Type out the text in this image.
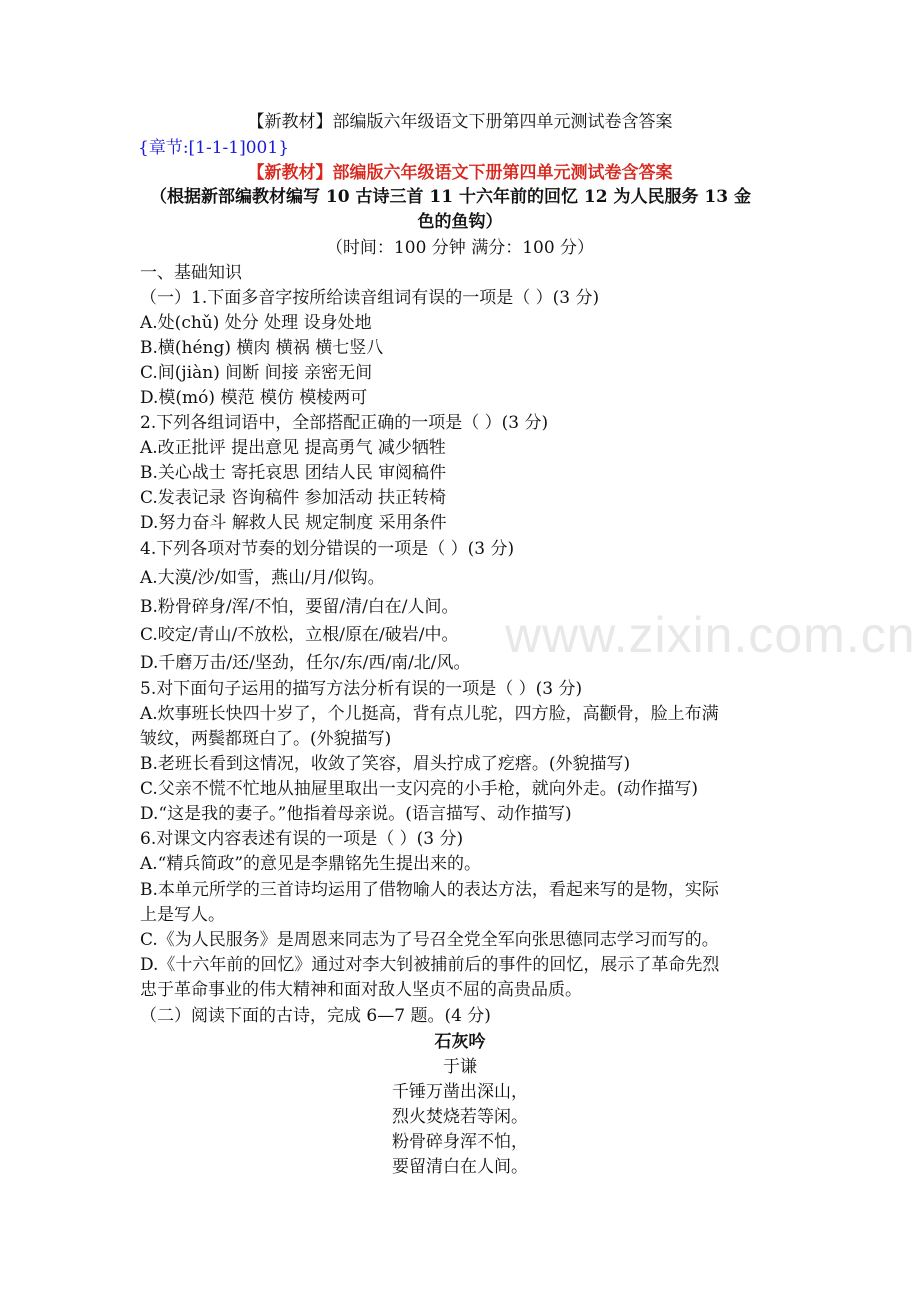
【新教材】部编版六年级语文下册第四单元测试卷含答案
{章节:[1-1-1]001}
【新教材】部编版六年级语文下册第四单元测试卷含答案
（根据新部编教材编写 10 古诗三首 11 十六年前的回忆 12 为人民服务 13 金
色的鱼钩）
（时间：100 分钟 满分：100 分）
一、基础知识
（一）1.下面多音字按所给读音组词有误的一项是（ ）(3 分)
A.处(chǔ) 处分 处理 设身处地
B.横(héng) 横肉 横祸 横七竖八
C.间(jiàn) 间断 间接 亲密无间
D.模(mó) 模范 模仿 模棱两可
2.下列各组词语中，全部搭配正确的一项是（ ）(3 分)
A.改正批评 提出意见 提高勇气 减少牺牲
B.关心战士 寄托哀思 团结人民 审阅稿件
C.发表记录 咨询稿件 参加活动 扶正转椅
D.努力奋斗 解救人民 规定制度 采用条件
4.下列各项对节奏的划分错误的一项是（ ）(3 分)
A.大漠/沙/如雪，燕山/月/似钩。
B.粉骨碎身/浑/不怕，要留/清/白在/人间。
C.咬定/青山/不放松，立根/原在/破岩/中。
D.千磨万击/还/坚劲，任尔/东/西/南/北/风。
5.对下面句子运用的描写方法分析有误的一项是（ ）(3 分)
A.炊事班长快四十岁了，个儿挺高，背有点儿驼，四方脸，高颧骨，脸上布满
皱纹，两鬓都斑白了。(外貌描写)
B.老班长看到这情况，收敛了笑容，眉头拧成了疙瘩。(外貌描写)
C.父亲不慌不忙地从抽屉里取出一支闪亮的小手枪，就向外走。(动作描写)
D.“这是我的妻子。”他指着母亲说。(语言描写、动作描写)
6.对课文内容表述有误的一项是（ ）(3 分)
A.“精兵简政”的意见是李鼎铭先生提出来的。
B.本单元所学的三首诗均运用了借物喻人的表达方法，看起来写的是物，实际
上是写人。
C.《为人民服务》是周恩来同志为了号召全党全军向张思德同志学习而写的。
D.《十六年前的回忆》通过对李大钊被捕前后的事件的回忆，展示了革命先烈
忠于革命事业的伟大精神和面对敌人坚贞不屈的高贵品质。
（二）阅读下面的古诗，完成 6—7 题。(4 分)
石灰吟
于谦
千锤万凿出深山，
烈火焚烧若等闲。
粉骨碎身浑不怕，
要留清白在人间。
www.zixin.com.cn
